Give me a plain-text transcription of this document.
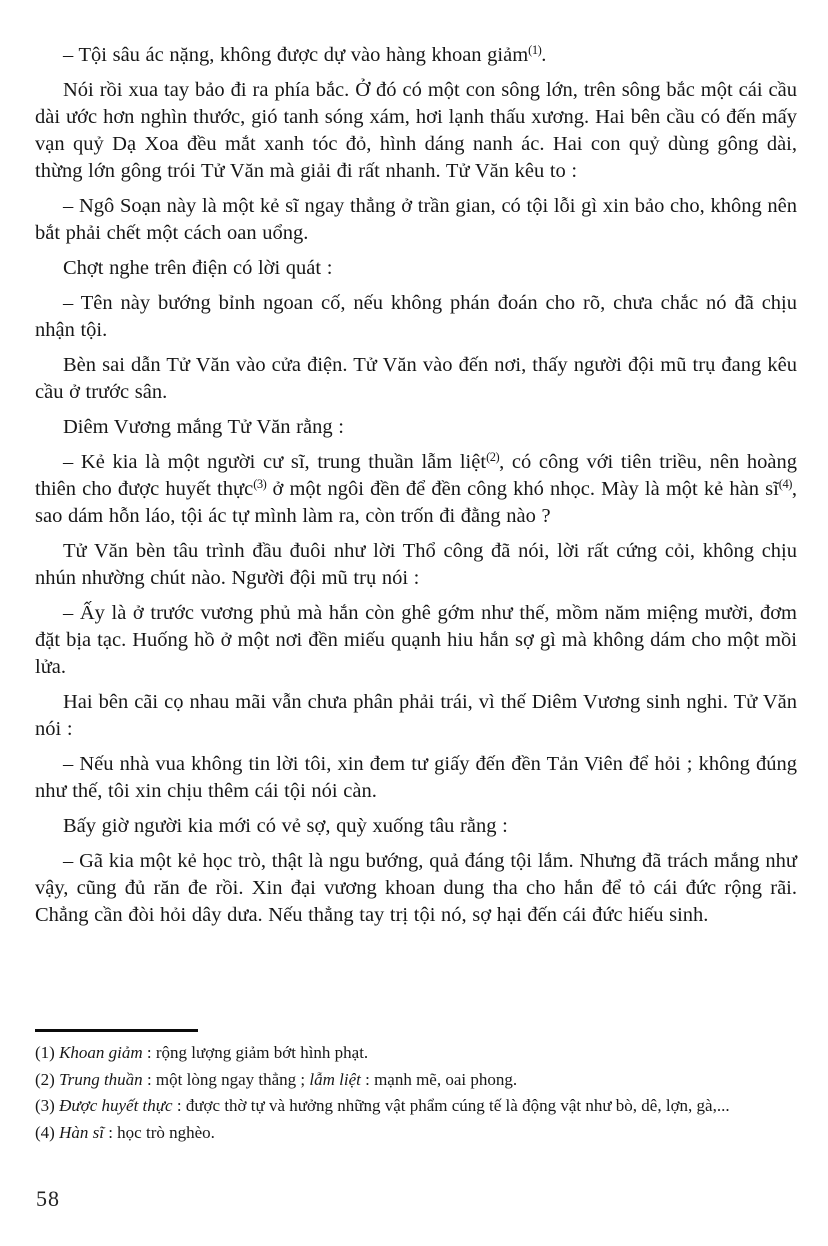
– Tội sâu ác nặng, không được dự vào hàng khoan giảm$^{(1)}$.

Nói rồi xua tay bảo đi ra phía bắc. Ở đó có một con sông lớn, trên sông bắc một cái cầu dài ước hơn nghìn thước, gió tanh sóng xám, hơi lạnh thấu xương. Hai bên cầu có đến mấy vạn quỷ Dạ Xoa đều mắt xanh tóc đỏ, hình dáng nanh ác. Hai con quỷ dùng gông dài, thừng lớn gông trói Tử Văn mà giải đi rất nhanh. Tử Văn kêu to :

– Ngô Soạn này là một kẻ sĩ ngay thẳng ở trần gian, có tội lỗi gì xin bảo cho, không nên bắt phải chết một cách oan uổng.

Chợt nghe trên điện có lời quát :

– Tên này bướng bỉnh ngoan cố, nếu không phán đoán cho rõ, chưa chắc nó đã chịu nhận tội.

Bèn sai dẫn Tử Văn vào cửa điện. Tử Văn vào đến nơi, thấy người đội mũ trụ đang kêu cầu ở trước sân.

Diêm Vương mắng Tử Văn rằng :

– Kẻ kia là một người cư sĩ, trung thuần lẫm liệt$^{(2)}$, có công với tiên triều, nên hoàng thiên cho được huyết thực$^{(3)}$ ở một ngôi đền để đền công khó nhọc. Mày là một kẻ hàn $sĩ^{(4)}$, sao dám hỗn láo, tội ác tự mình làm ra, còn trốn đi đằng nào ?

Tử Văn bèn tâu trình đầu đuôi như lời Thổ công đã nói, lời rất cứng cỏi, không chịu nhún nhường chút nào. Người đội mũ trụ nói :

– Ấy là ở trước vương phủ mà hắn còn ghê gớm như thế, mồm năm miệng mười, đơm đặt bịa tạc. Huống hồ ở một nơi đền miếu quạnh hiu hắn sợ gì mà không dám cho một mồi lửa.

Hai bên cãi cọ nhau mãi vẫn chưa phân phải trái, vì thế Diêm Vương sinh nghi. Tử Văn nói :

– Nếu nhà vua không tin lời tôi, xin đem tư giấy đến đền Tản Viên để hỏi ; không đúng như thế, tôi xin chịu thêm cái tội nói càn.

Bấy giờ người kia mới có vẻ sợ, quỳ xuống tâu rằng :

– Gã kia một kẻ học trò, thật là ngu bướng, quả đáng tội lắm. Nhưng đã trách mắng như vậy, cũng đủ răn đe rồi. Xin đại vương khoan dung tha cho hắn để tỏ cái đức rộng rãi. Chẳng cần đòi hỏi dây dưa. Nếu thẳng tay trị tội nó, sợ hại đến cái đức hiếu sinh.

(1) Khoan giảm : rộng lượng giảm bớt hình phạt.

(2) Trung thuần : một lòng ngay thẳng ; lẫm liệt : mạnh mẽ, oai phong.

(3) Được huyết thực : được thờ tự và hưởng những vật phẩm cúng tế là động vật như bò, dê, lợn, gà,...

(4) Hàn sĩ : học trò nghèo.

58
